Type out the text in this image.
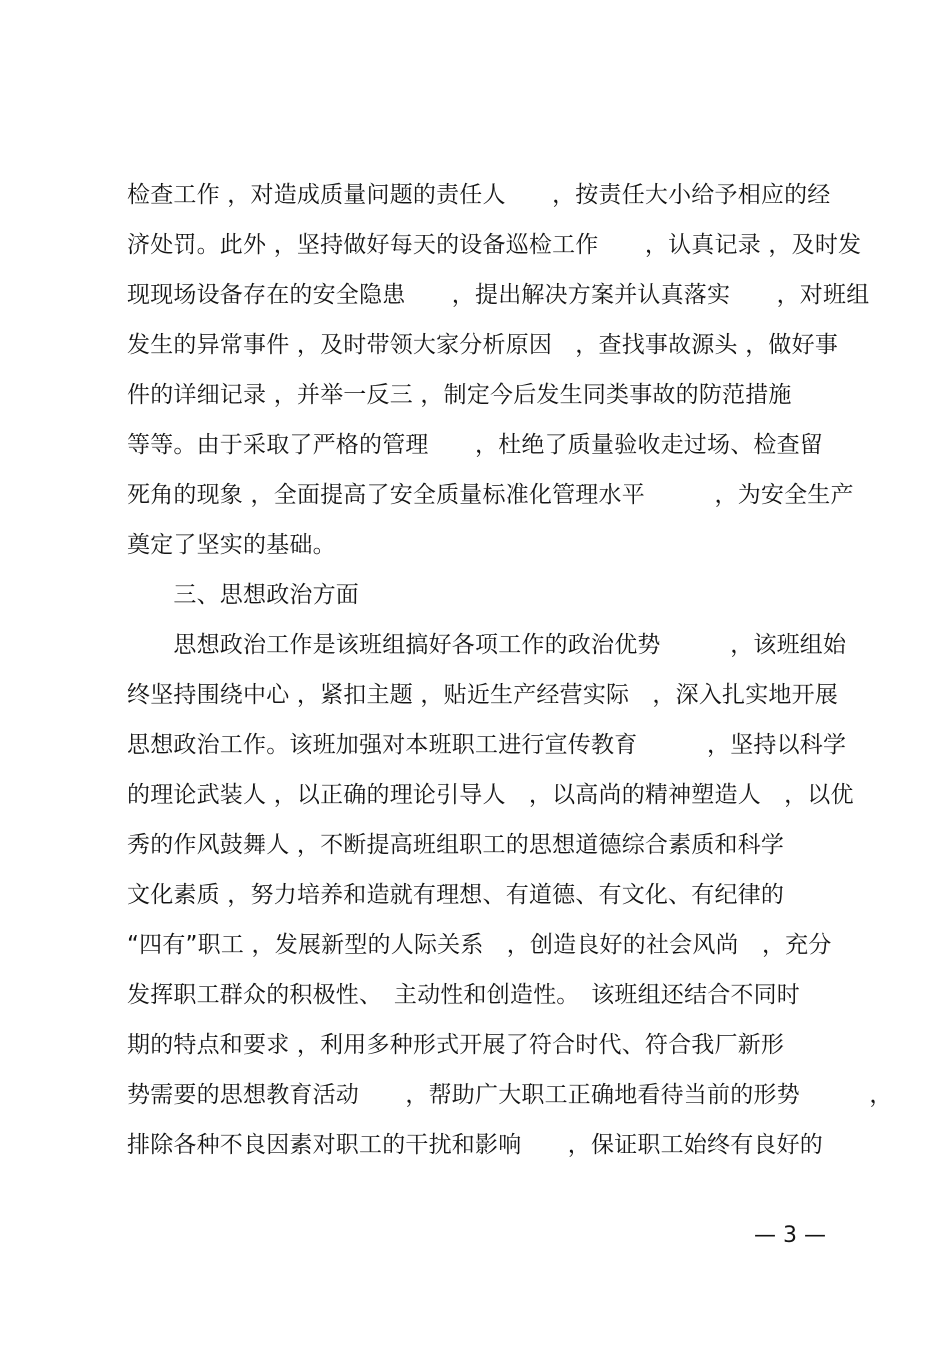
检查工作 ，对造成质量问题的责任人　　，按责任大小给予相应的经
济处罚。此外 ，坚持做好每天的设备巡检工作　　，认真记录 ，及时发
现现场设备存在的安全隐患　　，提出解决方案并认真落实　　，对班组
发生的异常事件 ，及时带领大家分析原因　，查找事故源头 ，做好事
件的详细记录 ，并举一反三 ，制定今后发生同类事故的防范措施
等等。由于采取了严格的管理　　，杜绝了质量验收走过场、检查留
死角的现象 ，全面提高了安全质量标准化管理水平　　　，为安全生产
奠定了坚实的基础。
　　三、思想政治方面
　　思想政治工作是该班组搞好各项工作的政治优势　　　，该班组始
终坚持围绕中心 ，紧扣主题 ，贴近生产经营实际　，深入扎实地开展
思想政治工作。该班加强对本班职工进行宣传教育　　　，坚持以科学
的理论武装人 ，以正确的理论引导人　，以高尚的精神塑造人　，以优
秀的作风鼓舞人 ，不断提高班组职工的思想道德综合素质和科学
文化素质 ，努力培养和造就有理想、有道德、有文化、有纪律的
“四有”职工 ，发展新型的人际关系　，创造良好的社会风尚　，充分
发挥职工群众的积极性、　主动性和创造性。　该班组还结合不同时
期的特点和要求 ，利用多种形式开展了符合时代、符合我厂新形
势需要的思想教育活动　　，帮助广大职工正确地看待当前的形势　　　，
排除各种不良因素对职工的干扰和影响　　，保证职工始终有良好的
— 3 —
